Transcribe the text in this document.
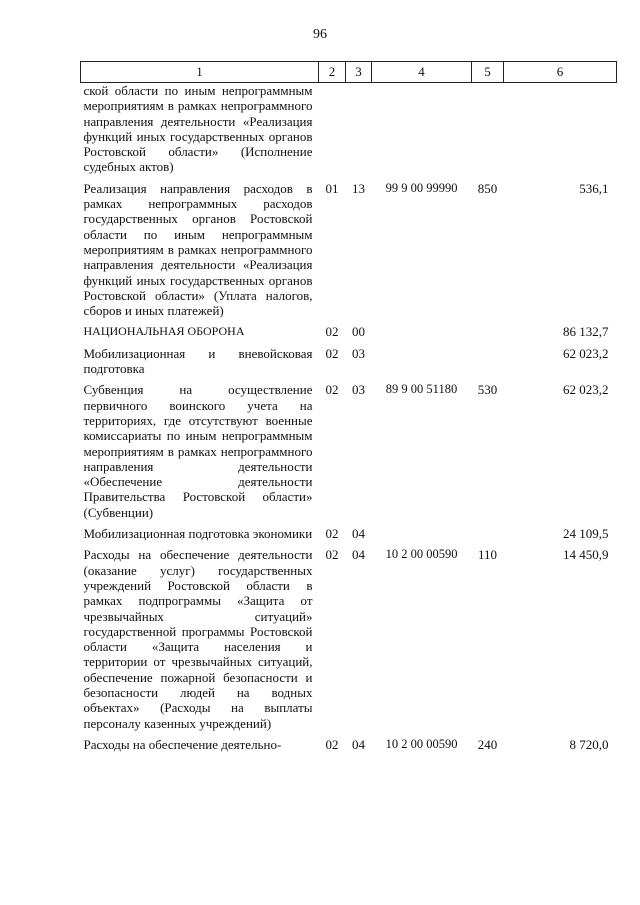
96
1	2	3	4	5	6
ской области по иным непрограммным мероприятиям в рамках непрограммного направления деятельности «Реализация функций иных государственных органов Ростовской области» (Исполнение судебных актов)					
Реализация направления расходов в рамках непрограммных расходов государственных органов Ростовской области по иным непрограммным мероприятиям в рамках непрограммного направления деятельности «Реализация функций иных государственных органов Ростовской области» (Уплата налогов, сборов и иных платежей)	01	13	99 9 00 99990	850	536,1
НАЦИОНАЛЬНАЯ ОБОРОНА	02	00			86 132,7
Мобилизационная и вневойсковая подготовка	02	03			62 023,2
Субвенция на осуществление первичного воинского учета на территориях, где отсутствуют военные комиссариаты по иным непрограммным мероприятиям в рамках непрограммного направления деятельности «Обеспечение деятельности Правительства Ростовской области» (Субвенции)	02	03	89 9 00 51180	530	62 023,2
Мобилизационная подготовка экономики	02	04			24 109,5
Расходы на обеспечение деятельности (оказание услуг) государственных учреждений Ростовской области в рамках подпрограммы «Защита от чрезвычайных ситуаций» государственной программы Ростовской области «Защита населения и территории от чрезвычайных ситуаций, обеспечение пожарной безопасности и безопасности людей на водных объектах» (Расходы на выплаты персоналу казенных учреждений)	02	04	10 2 00 00590	110	14 450,9
Расходы на обеспечение деятельно-	02	04	10 2 00 00590	240	8 720,0
